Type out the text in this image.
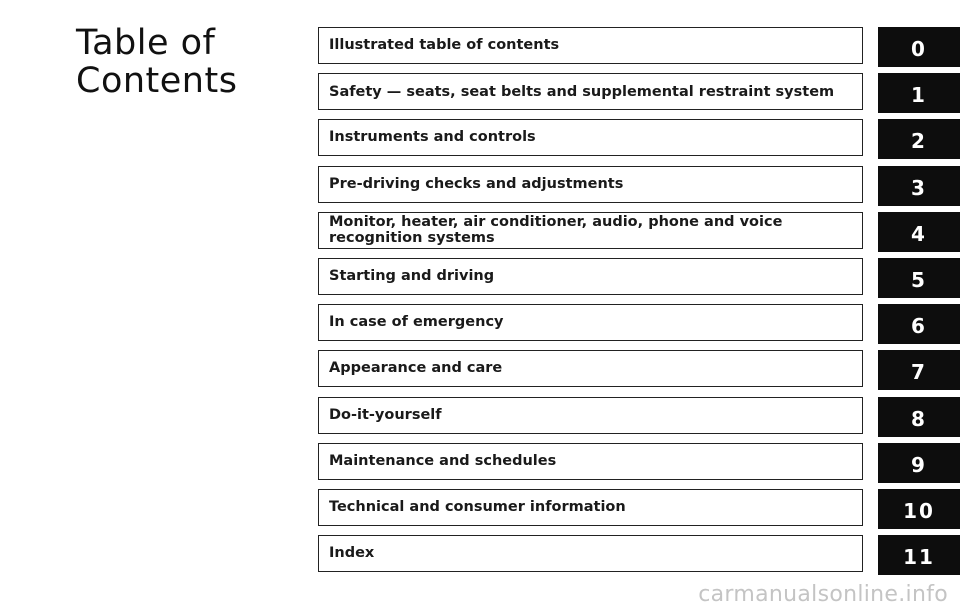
Table of Contents
Illustrated table of contents	0
Safety — seats, seat belts and supplemental restraint system	1
Instruments and controls	2
Pre-driving checks and adjustments	3
Monitor, heater, air conditioner, audio, phone and voice recognition systems	4
Starting and driving	5
In case of emergency	6
Appearance and care	7
Do-it-yourself	8
Maintenance and schedules	9
Technical and consumer information	10
Index	11
carmanualsonline.info
